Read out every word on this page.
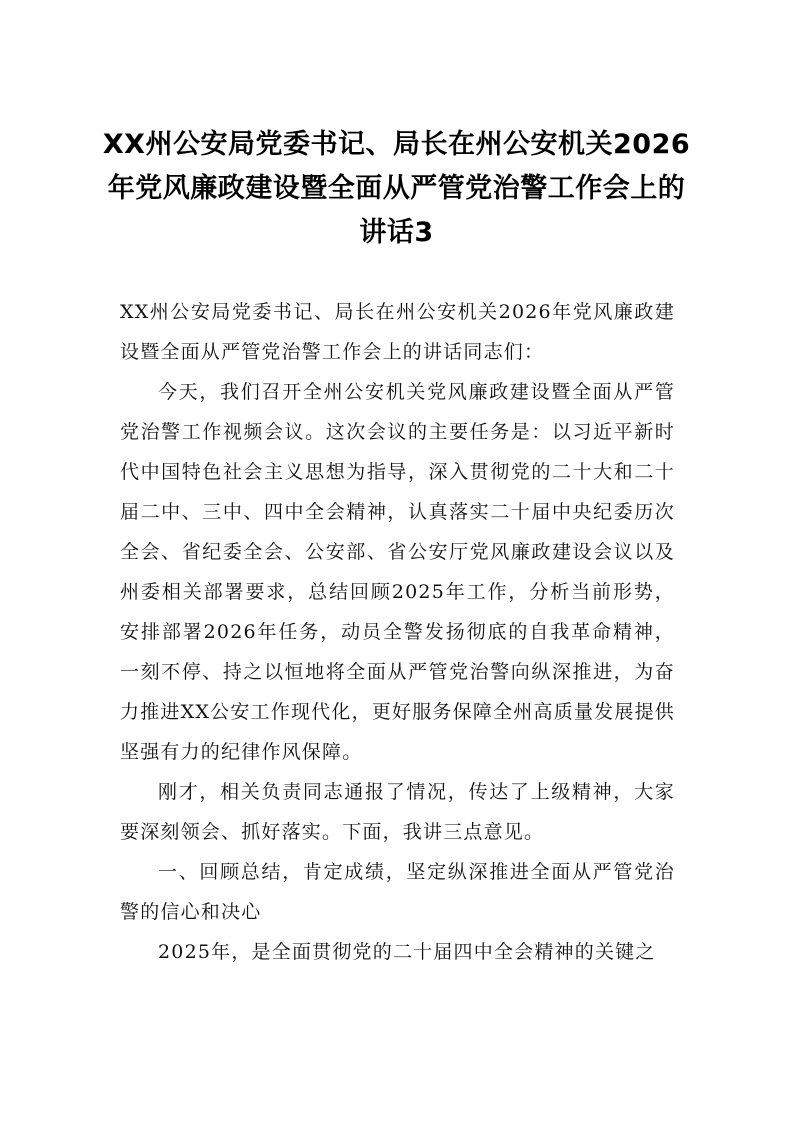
XX州公安局党委书记、局长在州公安机关2026年党风廉政建设暨全面从严管党治警工作会上的讲话3

XX州公安局党委书记、局长在州公安机关2026年党风廉政建设暨全面从严管党治警工作会上的讲话同志们：

今天，我们召开全州公安机关党风廉政建设暨全面从严管党治警工作视频会议。这次会议的主要任务是：以习近平新时代中国特色社会主义思想为指导，深入贯彻党的二十大和二十届二中、三中、四中全会精神，认真落实二十届中央纪委历次全会、省纪委全会、公安部、省公安厅党风廉政建设会议以及州委相关部署要求，总结回顾2025年工作，分析当前形势，安排部署2026年任务，动员全警发扬彻底的自我革命精神，一刻不停、持之以恒地将全面从严管党治警向纵深推进，为奋力推进XX公安工作现代化，更好服务保障全州高质量发展提供坚强有力的纪律作风保障。

刚才，相关负责同志通报了情况，传达了上级精神，大家要深刻领会、抓好落实。下面，我讲三点意见。

一、回顾总结，肯定成绩，坚定纵深推进全面从严管党治警的信心和决心

2025年，是全面贯彻党的二十届四中全会精神的关键之
